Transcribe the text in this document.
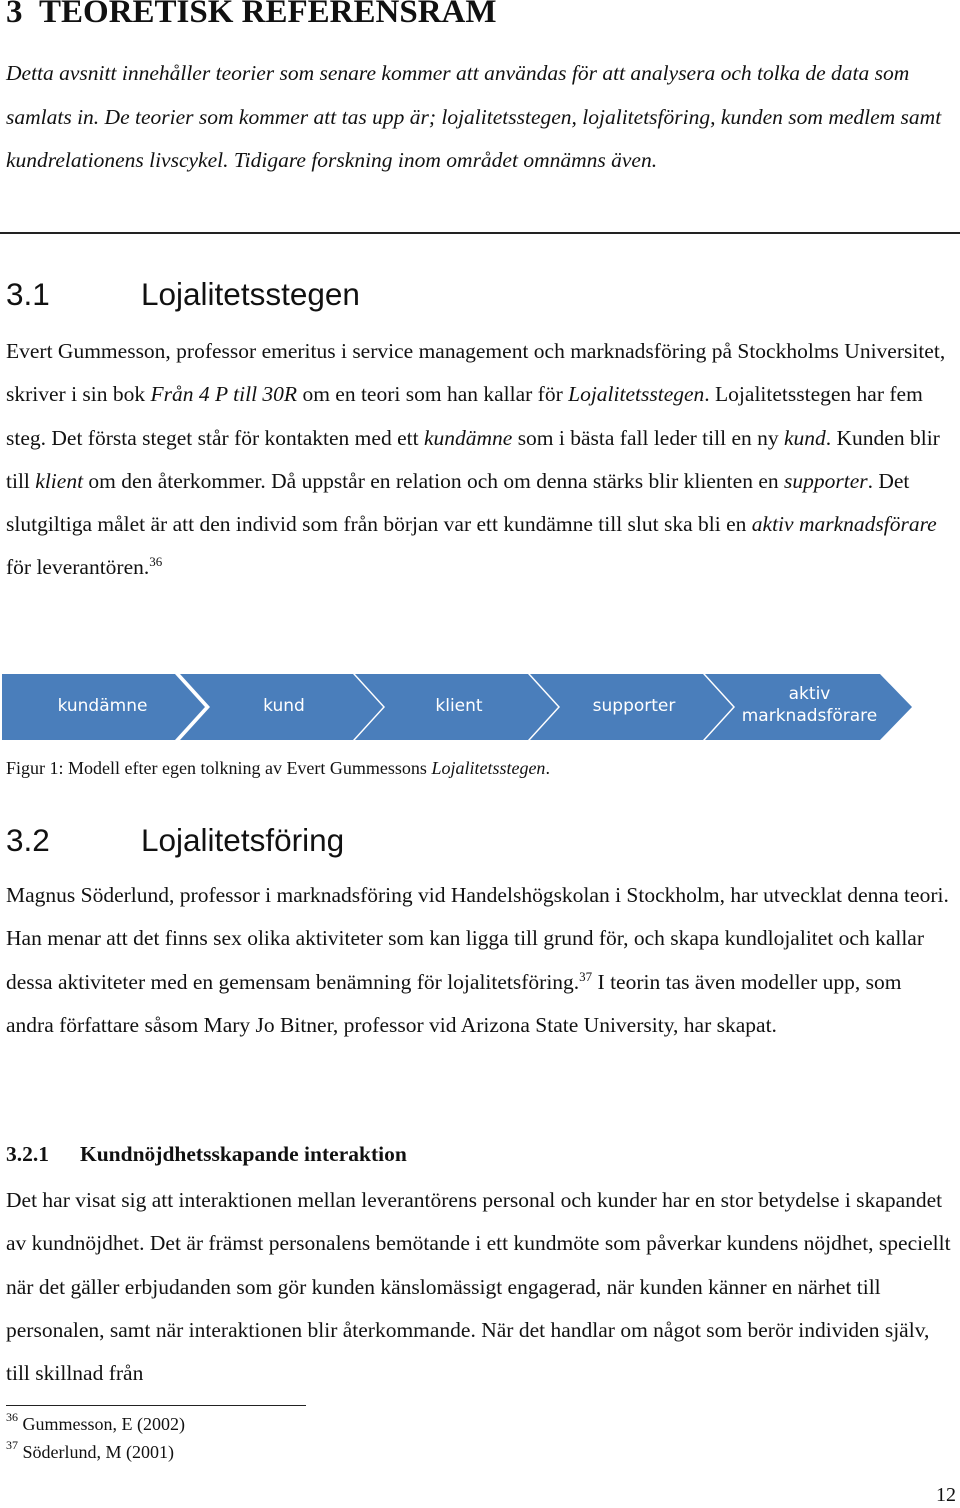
3 TEORETISK REFERENSRAM

Detta avsnitt innehåller teorier som senare kommer att användas för att analysera och tolka de data som samlats in. De teorier som kommer att tas upp är; lojalitetsstegen, lojalitetsföring, kunden som medlem samt kundrelationens livscykel. Tidigare forskning inom området omnämns även.

3.1	Lojalitetsstegen

Evert Gummesson, professor emeritus i service management och marknadsföring på Stockholms Universitet, skriver i sin bok Från 4 P till 30R om en teori som han kallar för Lojalitetsstegen. Lojalitetsstegen har fem steg. Det första steget står för kontakten med ett kundämne som i bästa fall leder till en ny kund. Kunden blir till klient om den återkommer. Då uppstår en relation och om denna stärks blir klienten en supporter. Det slutgiltiga målet är att den individ som från början var ett kundämne till slut ska bli en aktiv marknadsförare för leverantören.$^{36}$

kundämne	kund	klient	supporter
aktiv marknadsförare

Figur 1: Modell efter egen tolkning av Evert Gummessons Lojalitetsstegen.

3.2	Lojalitetsföring

Magnus Söderlund, professor i marknadsföring vid Handelshögskolan i Stockholm, har utvecklat denna teori. Han menar att det finns sex olika aktiviteter som kan ligga till grund för, och skapa kundlojalitet och kallar dessa aktiviteter med en gemensam benämning för lojalitetsföring.$^{37}$ I teorin tas även modeller upp, som andra författare såsom Mary Jo Bitner, professor vid Arizona State University, har skapat.

3.2.1	Kundnöjdhetsskapande interaktion

Det har visat sig att interaktionen mellan leverantörens personal och kunder har en stor betydelse i skapandet av kundnöjdhet. Det är främst personalens bemötande i ett kundmöte som påverkar kundens nöjdhet, speciellt när det gäller erbjudanden som gör kunden känslomässigt engagerad, när kunden känner en närhet till personalen, samt när interaktionen blir återkommande. När det handlar om något som berör individen själv, till skillnad från

$^{36}$ Gummesson, E (2002)

$^{37}$ Söderlund, M (2001)

12
